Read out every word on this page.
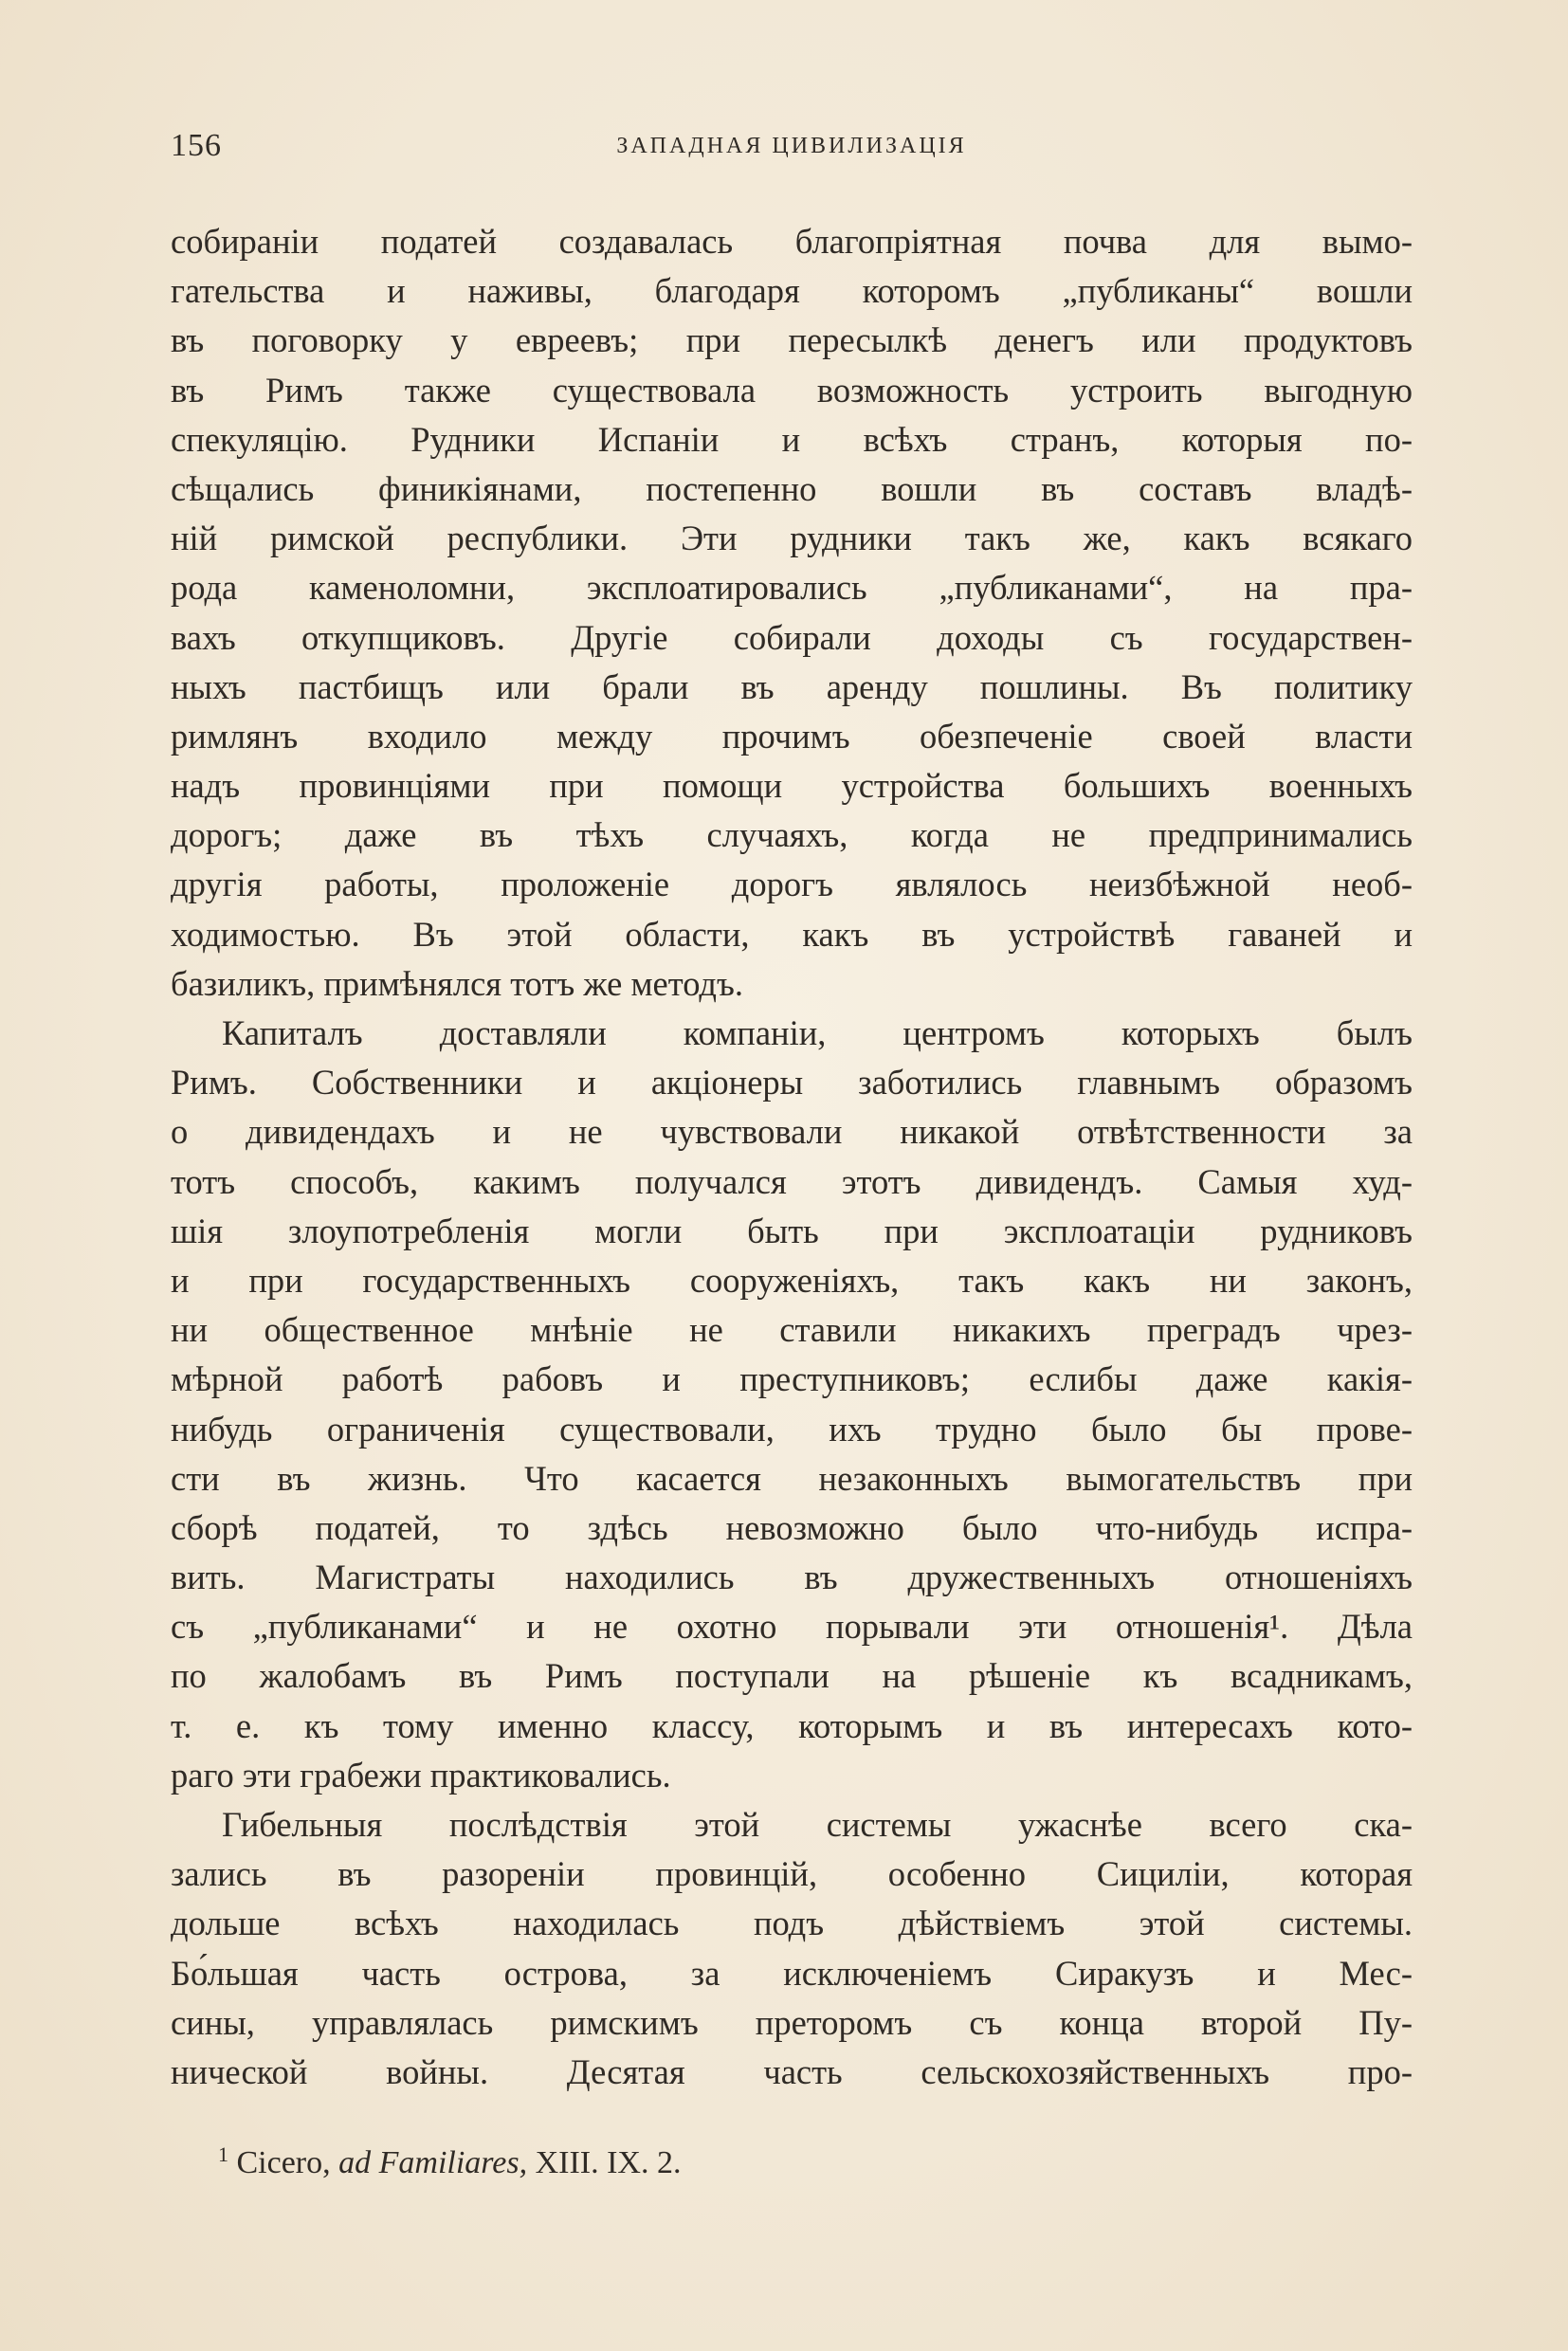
156	ЗАПАДНАЯ ЦИВИЛИЗАЦІЯ
собираніи податей создавалась благопріятная почва для вымо-
гательства и наживы, благодаря которомъ „публиканы“ вошли
въ поговорку у евреевъ; при пересылкѣ денегъ или продуктовъ
въ Римъ также существовала возможность устроить выгодную
спекуляцію. Рудники Испаніи и всѣхъ странъ, которыя по-
сѣщались финикіянами, постепенно вошли въ составъ владѣ-
ній римской республики. Эти рудники такъ же, какъ всякаго
рода каменоломни, эксплоатировались „публиканами“, на пра-
вахъ откупщиковъ. Другіе собирали доходы съ государствен-
ныхъ пастбищъ или брали въ аренду пошлины. Въ политику
римлянъ входило между прочимъ обезпеченіе своей власти
надъ провинціями при помощи устройства большихъ военныхъ
дорогъ; даже въ тѣхъ случаяхъ, когда не предпринимались
другія работы, проложеніе дорогъ являлось неизбѣжной необ-
ходимостью. Въ этой области, какъ въ устройствѣ гаваней и
базиликъ, примѣнялся тотъ же методъ.
Капиталъ доставляли компаніи, центромъ которыхъ былъ
Римъ. Собственники и акціонеры заботились главнымъ образомъ
о дивидендахъ и не чувствовали никакой отвѣтственности за
тотъ способъ, какимъ получался этотъ дивидендъ. Самыя худ-
шія злоупотребленія могли быть при эксплоатаціи рудниковъ
и при государственныхъ сооруженіяхъ, такъ какъ ни законъ,
ни общественное мнѣніе не ставили никакихъ преградъ чрез-
мѣрной работѣ рабовъ и преступниковъ; еслибы даже какія-
нибудь ограниченія существовали, ихъ трудно было бы прове-
сти въ жизнь. Что касается незаконныхъ вымогательствъ при
сборѣ податей, то здѣсь невозможно было что-нибудь испра-
вить. Магистраты находились въ дружественныхъ отношеніяхъ
съ „публиканами“ и не охотно порывали эти отношенія¹. Дѣла
по жалобамъ въ Римъ поступали на рѣшеніе къ всадникамъ,
т. е. къ тому именно классу, которымъ и въ интересахъ кото-
раго эти грабежи практиковались.
Гибельныя послѣдствія этой системы ужаснѣе всего ска-
зались въ разореніи провинцій, особенно Сициліи, которая
дольше всѣхъ находилась подъ дѣйствіемъ этой системы.
Бо́льшая часть острова, за исключеніемъ Сиракузъ и Мес-
сины, управлялась римскимъ преторомъ съ конца второй Пу-
нической войны. Десятая часть сельскохозяйственныхъ про-
$^1$ Cicero, ad Familiares, XIII. IX. 2.
